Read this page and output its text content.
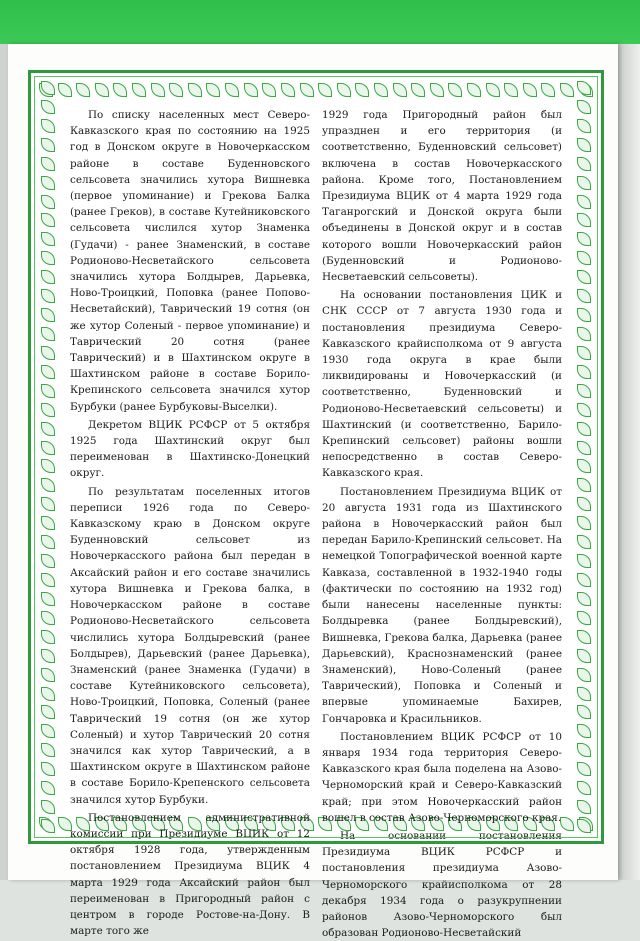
По списку населенных мест Северо-Кавказского края по состоянию на 1925 год в Донском округе в Новочеркасском районе в составе Буденновского сельсовета значились хутора Вишневка (первое упоминание) и Грекова Балка (ранее Греков), в составе Кутейниковского сельсовета числился хутор Знаменка (Гудачи) - ранее Знаменский, в составе Родионово-Несветайского сельсовета значились хутора Болдырев, Дарьевка, Ново-Троицкий, Поповка (ранее Попово-Несветайский), Таврический 19 сотня (он же хутор Соленый - первое упоминание) и Таврический 20 сотня (ранее Таврический) и в Шахтинском округе в Шахтинском районе в составе Борило-Крепинского сельсовета значился хутор Бурбуки (ранее Бурбуковы-Выселки).

Декретом ВЦИК РСФСР от 5 октября 1925 года Шахтинский округ был переименован в Шахтинско-Донецкий округ.

По результатам поселенных итогов переписи 1926 года по Северо-Кавказскому краю в Донском округе Буденновский сельсовет из Новочеркасского района был передан в Аксайский район и его составе значились хутора Вишневка и Грекова балка, в Новочеркасском районе в составе Родионово-Несветайского сельсовета числились хутора Болдыревский (ранее Болдырев), Дарьевский (ранее Дарьевка), Знаменский (ранее Знаменка (Гудачи) в составе Кутейниковского сельсовета), Ново-Троицкий, Поповка, Соленый (ранее Таврический 19 сотня (он же хутор Соленый) и хутор Таврический 20 сотня значился как хутор Таврический, а в Шахтинском округе в Шахтинском районе в составе Борило-Крепенского сельсовета значился хутор Бурбуки.

Постановлением административной комиссии при Президиуме ВЦИК от 12 октября 1928 года, утвержденным постановлением Президиума ВЦИК 4 марта 1929 года Аксайский район был переименован в Пригородный район с центром в городе Ростове-на-Дону. В марте того же

1929 года Пригородный район был упразднен и его территория (и соответственно, Буденновский сельсовет) включена в состав Новочеркасского района. Кроме того, Постановлением Президиума ВЦИК от 4 марта 1929 года Таганрогский и Донской округа были объединены в Донской округ и в состав которого вошли Новочеркасский район (Буденновский и Родионово-Несветаевский сельсоветы).

На основании постановления ЦИК и СНК СССР от 7 августа 1930 года и постановления президиума Северо-Кавказского крайисполкома от 9 августа 1930 года округа в крае были ликвидированы и Новочеркасский (и соответственно, Буденновский и Родионово-Несветаевский сельсоветы) и Шахтинский (и соответственно, Барило-Крепинский сельсовет) районы вошли непосредственно в состав Северо-Кавказского края.

Постановлением Президиума ВЦИК от 20 августа 1931 года из Шахтинского района в Новочеркасский район был передан Барило-Крепинский сельсовет. На немецкой Топографической военной карте Кавказа, составленной в 1932-1940 годы (фактически по состоянию на 1932 год) были нанесены населенные пункты: Болдыревка (ранее Болдыревский), Вишневка, Грекова балка, Дарьевка (ранее Дарьевский), Краснознаменский (ранее Знаменский), Ново-Соленый (ранее Таврический), Поповка и Соленый и впервые упоминаемые Бахирев, Гончаровка и Красильников.

Постановлением ВЦИК РСФСР от 10 января 1934 года территория Северо-Кавказского края была поделена на Азово-Черноморский край и Северо-Кавказский край; при этом Новочеркасский район вошел в состав Азово-Черноморского края.

На основании постановления Президиума ВЦИК РСФСР и постановления президиума Азово-Черноморского крайисполкома от 28 декабря 1934 года о разукрупнении районов Азово-Черноморского был образован Родионово-Несветайский
